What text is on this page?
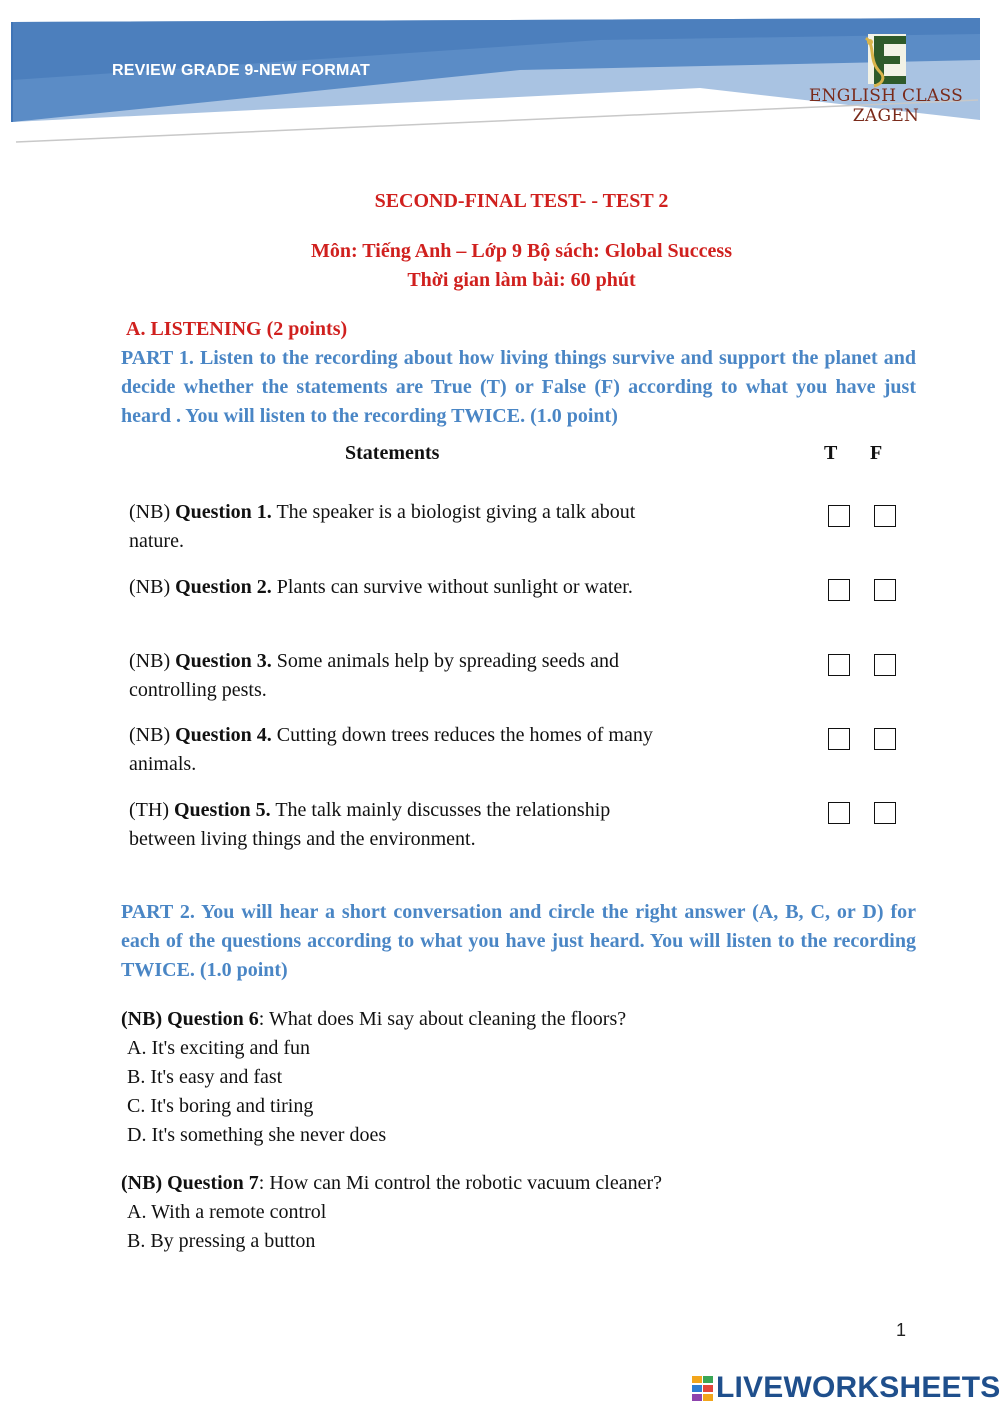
REVIEW GRADE 9-NEW FORMAT
ENGLISH CLASS ZAGEN
SECOND-FINAL TEST- - TEST 2
Môn: Tiếng Anh – Lớp 9 Bộ sách: Global Success
Thời gian làm bài: 60 phút
A. LISTENING (2 points)
PART 1. Listen to the recording about how living things survive and support the planet and decide whether the statements are True (T) or False (F) according to what you have just heard . You will listen to the recording TWICE. (1.0 point)
Statements	T F
(NB) Question 1. The speaker is a biologist giving a talk about nature.
(NB) Question 2. Plants can survive without sunlight or water.
(NB) Question 3. Some animals help by spreading seeds and controlling pests.
(NB) Question 4. Cutting down trees reduces the homes of many animals.
(TH) Question 5. The talk mainly discusses the relationship between living things and the environment.
PART 2. You will hear a short conversation and circle the right answer (A, B, C, or D) for each of the questions according to what you have just heard. You will listen to the recording TWICE. (1.0 point)
(NB) Question 6: What does Mi say about cleaning the floors?
A. It's exciting and fun
B. It's easy and fast
C. It's boring and tiring
D. It's something she never does
(NB) Question 7: How can Mi control the robotic vacuum cleaner?
A. With a remote control
B. By pressing a button
1
LIVEWORKSHEETS
